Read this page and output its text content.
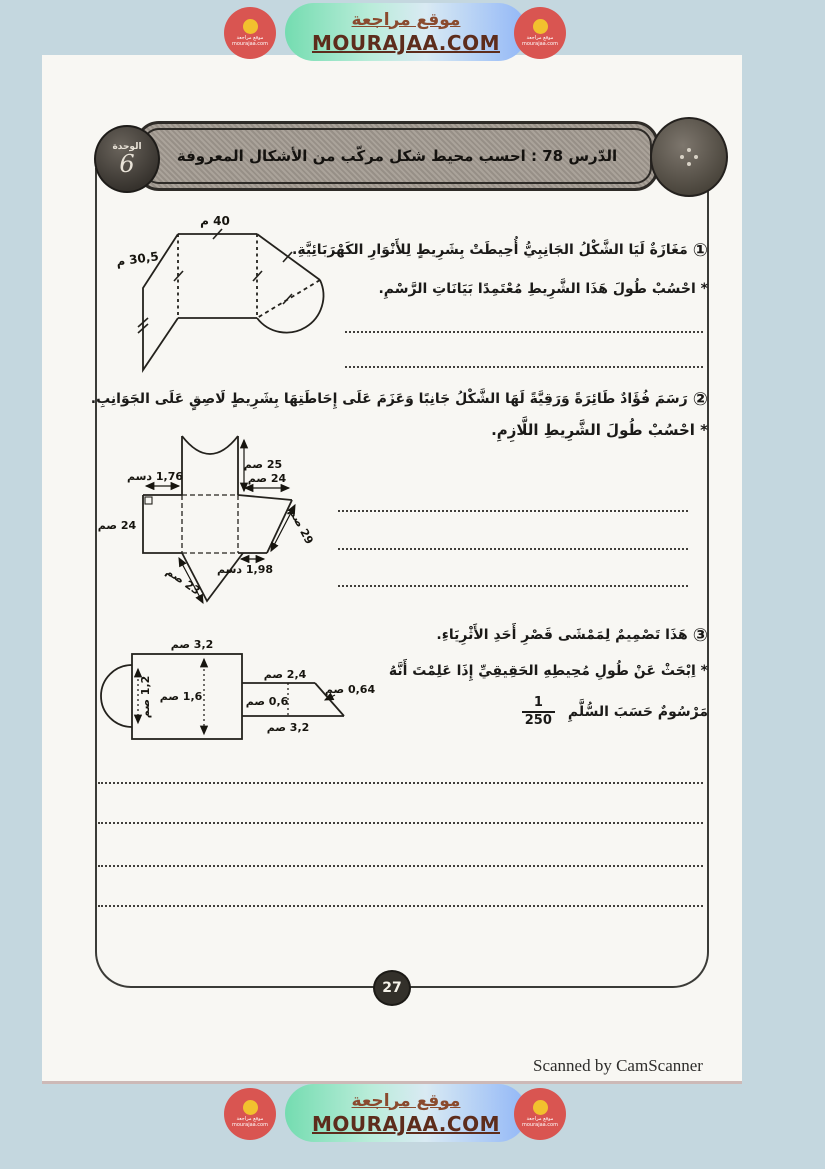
موقع مراجعة
mourajaa.com
موقع مراجعة
MOURAJAA.COM	موقع مراجعة
mourajaa.com
الدّرس 78 : احسب محيط شكل مركّب من الأشكال المعروفة
الوحدة
6
40 م
30,5 م	①
مَغَازَةٌ لَيَا الشَّكْلُ الجَانِبِيُّ أُحِيطَتْ بِشَرِيطٍ لِلأَنْوَارِ الكَهْرَبَائِيَّةِ.
* احْسُبْ طُولَ هَذَا الشَّرِيطِ مُعْتَمِدًا بَيَانَاتِ الرَّسْمِ.
②
رَسَمَ فُؤَادٌ طَائِرَةً وَرَقِيَّةً لَهَا الشَّكْلُ جَانِبًا وَعَزَمَ عَلَى إِحَاطَتِهَا بِشَرِيطٍ لَاصِقٍ عَلَى الجَوَانِبِ.
* احْسُبْ طُولَ الشَّرِيطِ اللَّازِمِ.
25 صم
1,76 دسم
24 صم
24 صم
29 صم
1,98 دسم
23 صم
③
هَذَا تَصْمِيمٌ لِمَمْشَى قَصْرِ أَحَدِ الأَثْرِيَاءِ.
* اِبْحَثْ عَنْ طُولِ مُحِيطِهِ الحَقِيقِيِّ إِذَا عَلِمْتَ أَنَّهُ
مَرْسُومٌ حَسَبَ السُّلَّمِ
$\frac{1}{250}$
3,2 صم
1,2 صم
1,6 صم
2,4 صم
0,6 صم
3,2 صم
0,64 صم
27
Scanned by CamScanner
موقع مراجعة
mourajaa.com
موقع مراجعة
MOURAJAA.COM	موقع مراجعة
mourajaa.com
